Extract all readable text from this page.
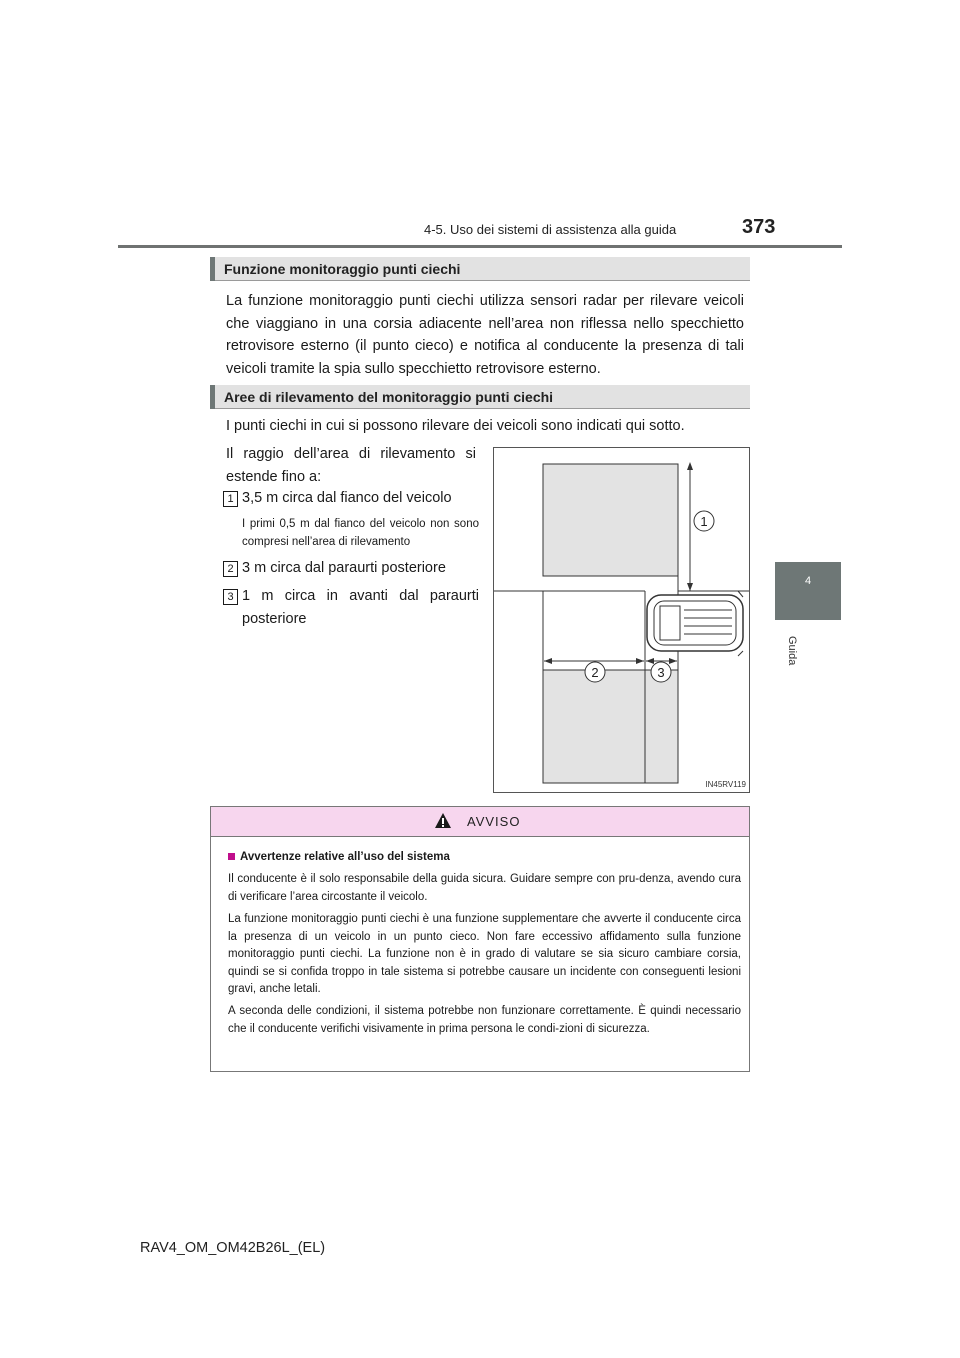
4-5. Uso dei sistemi di assistenza alla guida	373
4
Guida
Funzione monitoraggio punti ciechi
La funzione monitoraggio punti ciechi utilizza sensori radar per rilevare veicoli che viaggiano in una corsia adiacente nell’area non riflessa nello specchietto retrovisore esterno (il punto cieco) e notifica al conducente la presenza di tali veicoli tramite la spia sullo specchietto retrovisore esterno.
Aree di rilevamento del monitoraggio punti ciechi
I punti ciechi in cui si possono rilevare dei veicoli sono indicati qui sotto.
Il raggio dell’area di rilevamento si estende fino a:
1 3,5 m circa dal fianco del veicolo
I primi 0,5 m dal fianco del veicolo non sono compresi nell’area di rilevamento
2 3 m circa dal paraurti posteriore
3 1 m circa in avanti dal paraurti posteriore
1
2	3
IN45RV119
AVVISO
Avvertenze relative all’uso del sistema
Il conducente è il solo responsabile della guida sicura. Guidare sempre con pru-denza, avendo cura di verificare l’area circostante il veicolo.
La funzione monitoraggio punti ciechi è una funzione supplementare che avverte il conducente circa la presenza di un veicolo in un punto cieco. Non fare eccessivo affidamento sulla funzione monitoraggio punti ciechi. La funzione non è in grado di valutare se sia sicuro cambiare corsia, quindi se si confida troppo in tale sistema si potrebbe causare un incidente con conseguenti lesioni gravi, anche letali.
A seconda delle condizioni, il sistema potrebbe non funzionare correttamente. È quindi necessario che il conducente verifichi visivamente in prima persona le condi-zioni di sicurezza.
RAV4_OM_OM42B26L_(EL)
